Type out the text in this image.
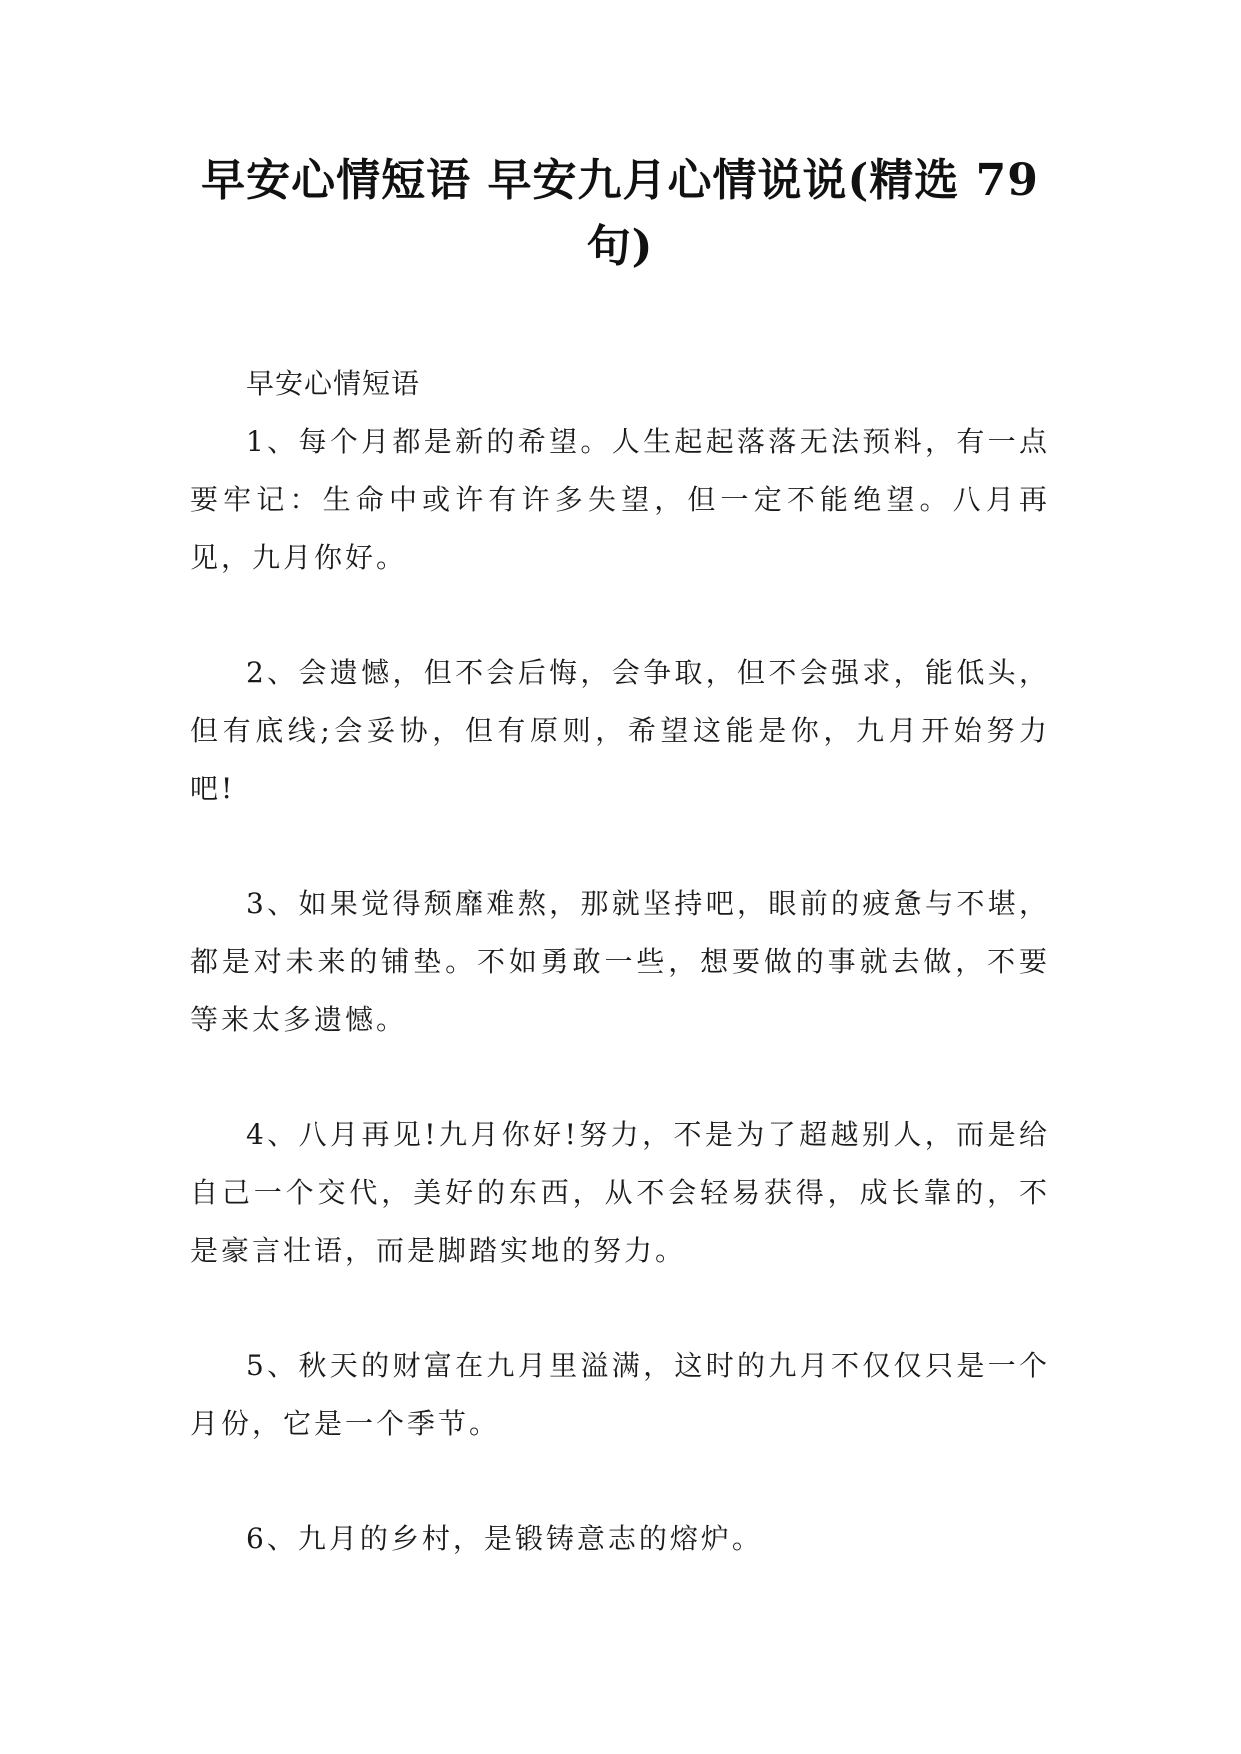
早安心情短语 早安九月心情说说(精选 79 句)
早安心情短语

1、每个月都是新的希望。人生起起落落无法预料，有一点要牢记：生命中或许有许多失望，但一定不能绝望。八月再见，九月你好。

2、会遗憾，但不会后悔，会争取，但不会强求，能低头，但有底线;会妥协，但有原则，希望这能是你，九月开始努力吧!

3、如果觉得颓靡难熬，那就坚持吧，眼前的疲惫与不堪，都是对未来的铺垫。不如勇敢一些，想要做的事就去做，不要等来太多遗憾。

4、八月再见!九月你好!努力，不是为了超越别人，而是给自己一个交代，美好的东西，从不会轻易获得，成长靠的，不是豪言壮语，而是脚踏实地的努力。

5、秋天的财富在九月里溢满，这时的九月不仅仅只是一个月份，它是一个季节。

6、九月的乡村，是锻铸意志的熔炉。
